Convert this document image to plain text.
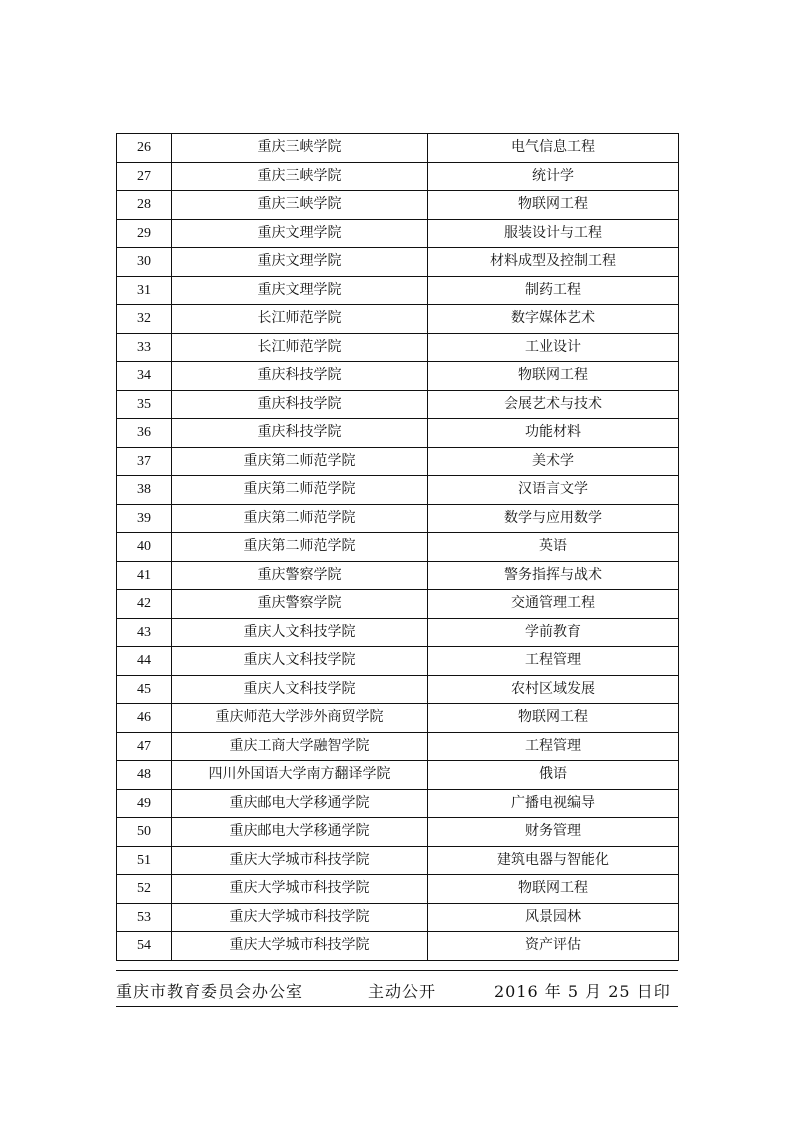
26	重庆三峡学院	电气信息工程
27	重庆三峡学院	统计学
28	重庆三峡学院	物联网工程
29	重庆文理学院	服装设计与工程
30	重庆文理学院	材料成型及控制工程
31	重庆文理学院	制药工程
32	长江师范学院	数字媒体艺术
33	长江师范学院	工业设计
34	重庆科技学院	物联网工程
35	重庆科技学院	会展艺术与技术
36	重庆科技学院	功能材料
37	重庆第二师范学院	美术学
38	重庆第二师范学院	汉语言文学
39	重庆第二师范学院	数学与应用数学
40	重庆第二师范学院	英语
41	重庆警察学院	警务指挥与战术
42	重庆警察学院	交通管理工程
43	重庆人文科技学院	学前教育
44	重庆人文科技学院	工程管理
45	重庆人文科技学院	农村区域发展
46	重庆师范大学涉外商贸学院	物联网工程
47	重庆工商大学融智学院	工程管理
48	四川外国语大学南方翻译学院	俄语
49	重庆邮电大学移通学院	广播电视编导
50	重庆邮电大学移通学院	财务管理
51	重庆大学城市科技学院	建筑电器与智能化
52	重庆大学城市科技学院	物联网工程
53	重庆大学城市科技学院	风景园林
54	重庆大学城市科技学院	资产评估
重庆市教育委员会办公室	主动公开	2016 年 5 月 25 日印
